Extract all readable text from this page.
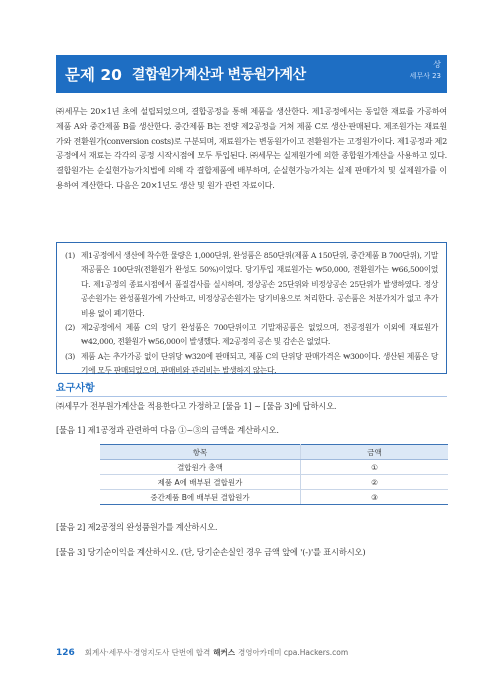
문제 20 결합원가계산과 변동원가계산
상
세무사 23

㈜세무는 20×1년 초에 설립되었으며, 결합공정을 통해 제품을 생산한다. 제1공정에서는 동일한 재료를 가공하여 제품 A와 중간제품 B를 생산한다. 중간제품 B는 전량 제2공정을 거쳐 제품 C로 생산·판매된다. 제조원가는 재료원가와 전환원가(conversion costs)로 구분되며, 재료원가는 변동원가이고 전환원가는 고정원가이다. 제1공정과 제2공정에서 재료는 각각의 공정 시작시점에 모두 투입된다. ㈜세무는 실제원가에 의한 종합원가계산을 사용하고 있다. 결합원가는 순실현가능가치법에 의해 각 결합제품에 배부하며, 순실현가능가치는 실제 판매가치 및 실제원가를 이용하여 계산한다. 다음은 20×1년도 생산 및 원가 관련 자료이다.

(1) 제1공정에서 생산에 착수한 물량은 1,000단위, 완성품은 850단위(제품 A 150단위, 중간제품 B 700단위), 기말재공품은 100단위(전환원가 완성도 50%)이었다. 당기투입 재료원가는 ₩50,000, 전환원가는 ₩66,500이었다. 제1공정의 종료시점에서 품질검사를 실시하며, 정상공손 25단위와 비정상공손 25단위가 발생하였다. 정상공손원가는 완성품원가에 가산하고, 비정상공손원가는 당기비용으로 처리한다. 공손품은 처분가치가 없고 추가비용 없이 폐기한다.
(2) 제2공정에서 제품 C의 당기 완성품은 700단위이고 기말재공품은 없었으며, 전공정원가 이외에 재료원가 ₩42,000, 전환원가 ₩56,000이 발생했다. 제2공정의 공손 및 감손은 없었다.
(3) 제품 A는 추가가공 없이 단위당 ₩320에 판매되고, 제품 C의 단위당 판매가격은 ₩300이다. 생산된 제품은 당기에 모두 판매되었으며, 판매비와 관리비는 발생하지 않는다.
요구사항

㈜세무가 전부원가계산을 적용한다고 가정하고 [물음 1] ~ [물음 3]에 답하시오.

[물음 1] 제1공정과 관련하여 다음 ①~③의 금액을 계산하시오.

항목	금액
결합원가 총액	①
제품 A에 배부된 결합원가	②
중간제품 B에 배부된 결합원가	③

[물음 2] 제2공정의 완성품원가를 계산하시오.

[물음 3] 당기순이익을 계산하시오. (단, 당기순손실인 경우 금액 앞에 '(-)'를 표시하시오)

126 회계사·세무사·경영지도사 단번에 합격 해커스 경영아카데미 cpa.Hackers.com
